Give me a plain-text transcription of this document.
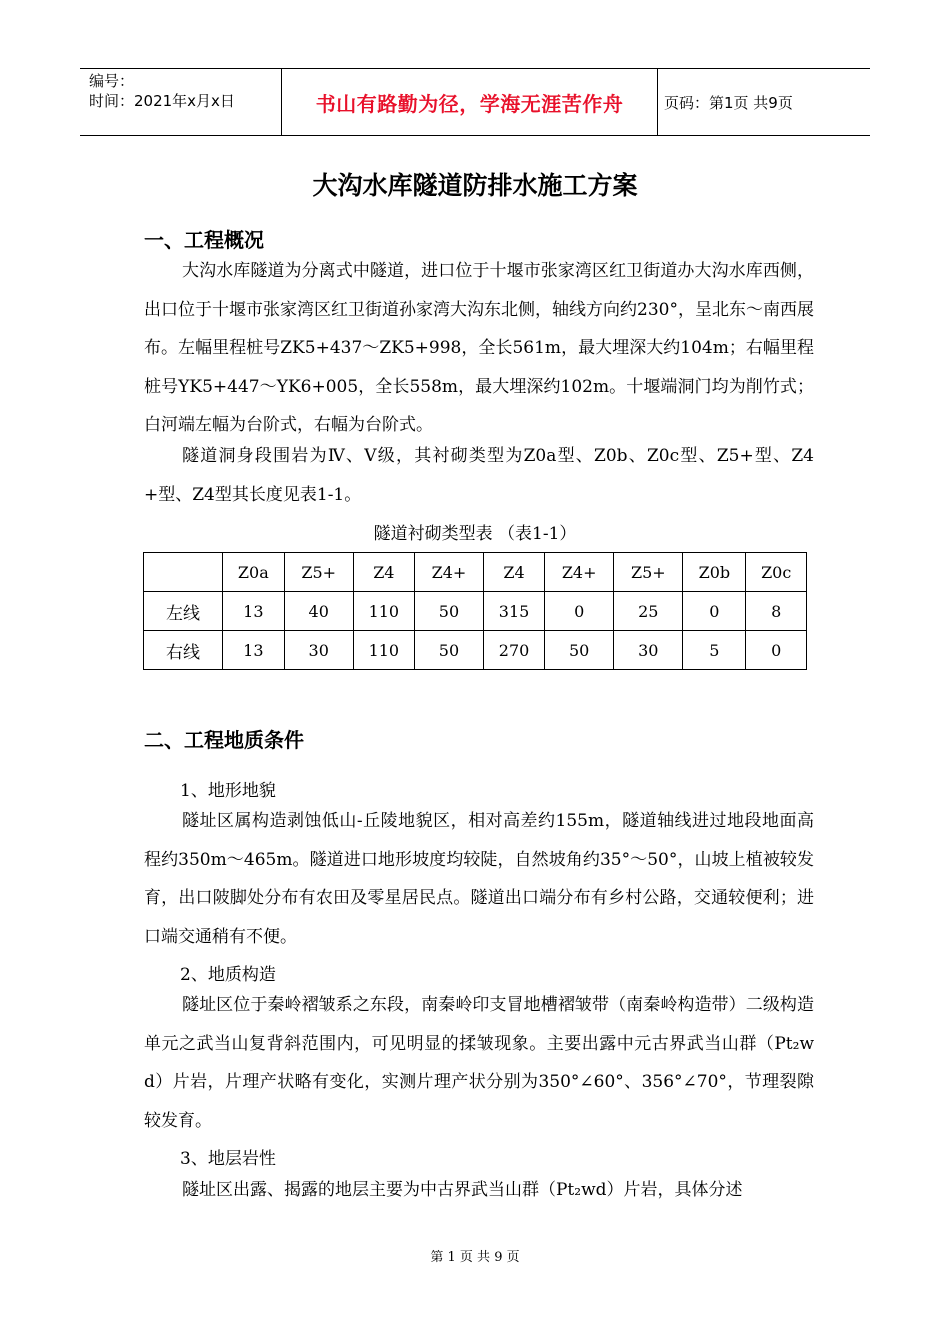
编号：
时间：2021年x月x日	书山有路勤为径，学海无涯苦作舟	页码：第1页 共9页
大沟水库隧道防排水施工方案
一、工程概况
大沟水库隧道为分离式中隧道，进口位于十堰市张家湾区红卫街道办大沟水库西侧，出口位于十堰市张家湾区红卫街道孙家湾大沟东北侧，轴线方向约230°，呈北东～南西展布。左幅里程桩号ZK5+437～ZK5+998，全长561m，最大埋深大约104m；右幅里程桩号YK5+447～YK6+005，全长558m，最大埋深约102m。十堰端洞门均为削竹式；白河端左幅为台阶式，右幅为台阶式。
隧道洞身段围岩为Ⅳ、Ⅴ级，其衬砌类型为Z0a型、Z0b、Z0c型、Z5+型、Z4+型、Z4型其长度见表1-1。
隧道衬砌类型表 （表1-1）
	Z0a	Z5+	Z4	Z4+	Z4	Z4+	Z5+	Z0b	Z0c
左线	13	40	110	50	315	0	25	0	8
右线	13	30	110	50	270	50	30	5	0
二、工程地质条件
1、地形地貌
隧址区属构造剥蚀低山-丘陵地貌区，相对高差约155m，隧道轴线进过地段地面高程约350m～465m。隧道进口地形坡度均较陡，自然坡角约35°～50°，山坡上植被较发育，出口陂脚处分布有农田及零星居民点。隧道出口端分布有乡村公路，交通较便利；进口端交通稍有不便。
2、地质构造
隧址区位于秦岭褶皱系之东段，南秦岭印支冒地槽褶皱带（南秦岭构造带）二级构造单元之武当山复背斜范围内，可见明显的揉皱现象。主要出露中元古界武当山群（Pt₂wd）片岩，片理产状略有变化，实测片理产状分别为350°∠60°、356°∠70°，节理裂隙较发育。
3、地层岩性
隧址区出露、揭露的地层主要为中古界武当山群（Pt₂wd）片岩，具体分述
第 1 页 共 9 页
